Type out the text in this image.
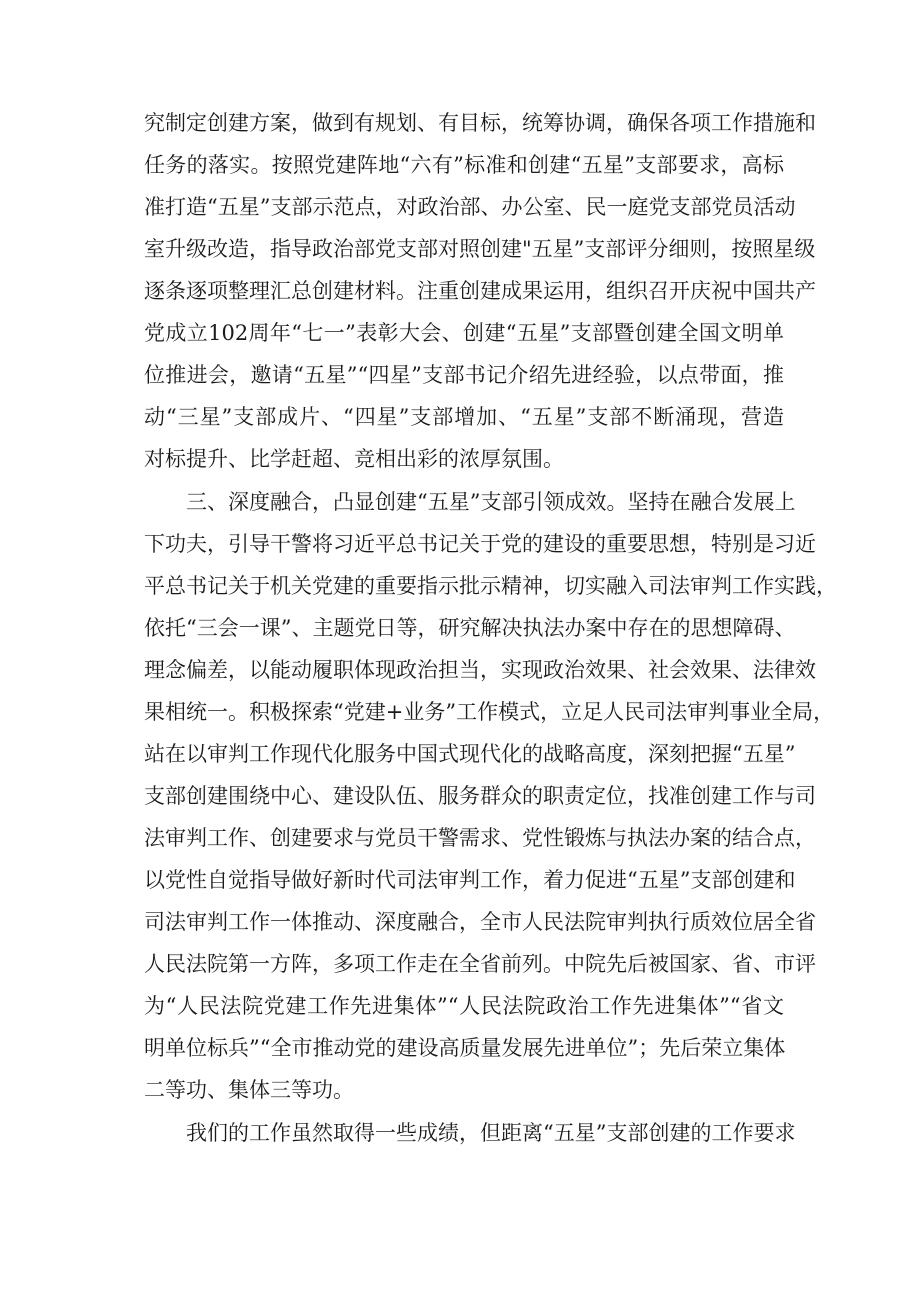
究制定创建方案，做到有规划、有目标，统筹协调，确保各项工作措施和
任务的落实。按照党建阵地“六有”标准和创建“五星”支部要求，高标
准打造“五星”支部示范点，对政治部、办公室、民一庭党支部党员活动
室升级改造，指导政治部党支部对照创建"五星”支部评分细则，按照星级
逐条逐项整理汇总创建材料。注重创建成果运用，组织召开庆祝中国共产
党成立102周年“七一”表彰大会、创建“五星”支部暨创建全国文明单
位推进会，邀请“五星”“四星”支部书记介绍先进经验，以点带面，推
动“三星”支部成片、“四星”支部增加、“五星”支部不断涌现，营造
对标提升、比学赶超、竞相出彩的浓厚氛围。
三、深度融合，凸显创建“五星”支部引领成效。坚持在融合发展上
下功夫，引导干警将习近平总书记关于党的建设的重要思想，特别是习近
平总书记关于机关党建的重要指示批示精神，切实融入司法审判工作实践，
依托“三会一课”、主题党日等，研究解决执法办案中存在的思想障碍、
理念偏差，以能动履职体现政治担当，实现政治效果、社会效果、法律效
果相统一。积极探索“党建+业务”工作模式，立足人民司法审判事业全局，
站在以审判工作现代化服务中国式现代化的战略高度，深刻把握“五星”
支部创建围绕中心、建设队伍、服务群众的职责定位，找准创建工作与司
法审判工作、创建要求与党员干警需求、党性锻炼与执法办案的结合点，
以党性自觉指导做好新时代司法审判工作，着力促进“五星”支部创建和
司法审判工作一体推动、深度融合，全市人民法院审判执行质效位居全省
人民法院第一方阵，多项工作走在全省前列。中院先后被国家、省、市评
为“人民法院党建工作先进集体”“人民法院政治工作先进集体”“省文
明单位标兵”“全市推动党的建设高质量发展先进单位”；先后荣立集体
二等功、集体三等功。
我们的工作虽然取得一些成绩，但距离“五星”支部创建的工作要求
